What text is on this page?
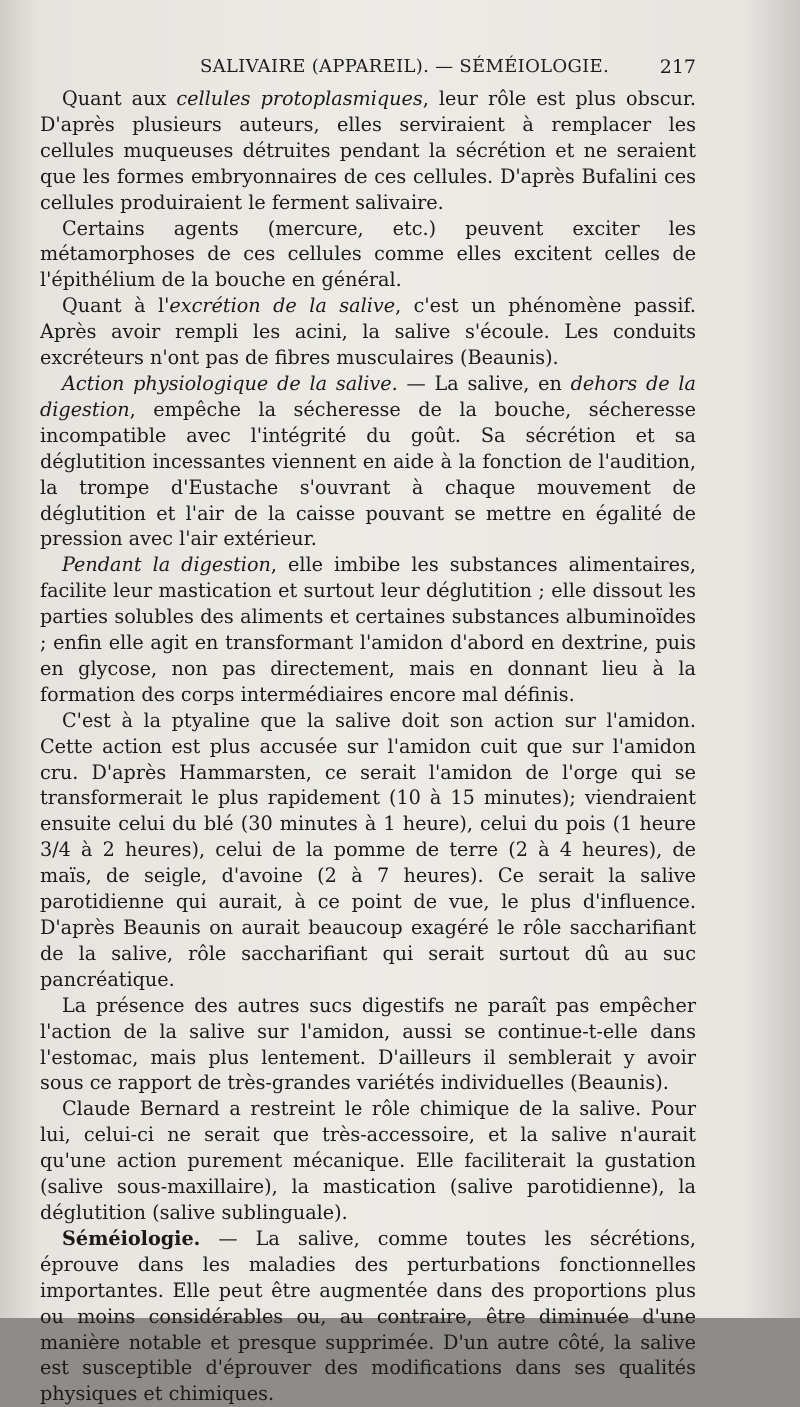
SALIVAIRE (APPAREIL). — SÉMÉIOLOGIE.	217

Quant aux cellules protoplasmiques, leur rôle est plus obscur. D'après plusieurs auteurs, elles serviraient à remplacer les cellules muqueuses détruites pendant la sécrétion et ne seraient que les formes embryonnaires de ces cellules. D'après Bufalini ces cellules produiraient le ferment salivaire.

Certains agents (mercure, etc.) peuvent exciter les métamorphoses de ces cellules comme elles excitent celles de l'épithélium de la bouche en général.

Quant à l'excrétion de la salive, c'est un phénomène passif. Après avoir rempli les acini, la salive s'écoule. Les conduits excréteurs n'ont pas de fibres musculaires (Beaunis).

Action physiologique de la salive. — La salive, en dehors de la digestion, empêche la sécheresse de la bouche, sécheresse incompatible avec l'intégrité du goût. Sa sécrétion et sa déglutition incessantes viennent en aide à la fonction de l'audition, la trompe d'Eustache s'ouvrant à chaque mouvement de déglutition et l'air de la caisse pouvant se mettre en égalité de pression avec l'air extérieur.

Pendant la digestion, elle imbibe les substances alimentaires, facilite leur mastication et surtout leur déglutition ; elle dissout les parties solubles des aliments et certaines substances albuminoïdes ; enfin elle agit en transformant l'amidon d'abord en dextrine, puis en glycose, non pas directement, mais en donnant lieu à la formation des corps intermédiaires encore mal définis.

C'est à la ptyaline que la salive doit son action sur l'amidon. Cette action est plus accusée sur l'amidon cuit que sur l'amidon cru. D'après Hammarsten, ce serait l'amidon de l'orge qui se transformerait le plus rapidement (10 à 15 minutes); viendraient ensuite celui du blé (30 minutes à 1 heure), celui du pois (1 heure 3/4 à 2 heures), celui de la pomme de terre (2 à 4 heures), de maïs, de seigle, d'avoine (2 à 7 heures). Ce serait la salive parotidienne qui aurait, à ce point de vue, le plus d'influence. D'après Beaunis on aurait beaucoup exagéré le rôle saccharifiant de la salive, rôle saccharifiant qui serait surtout dû au suc pancréatique.

La présence des autres sucs digestifs ne paraît pas empêcher l'action de la salive sur l'amidon, aussi se continue-t-elle dans l'estomac, mais plus lentement. D'ailleurs il semblerait y avoir sous ce rapport de très-grandes variétés individuelles (Beaunis).

Claude Bernard a restreint le rôle chimique de la salive. Pour lui, celui-ci ne serait que très-accessoire, et la salive n'aurait qu'une action purement mécanique. Elle faciliterait la gustation (salive sous-maxillaire), la mastication (salive parotidienne), la déglutition (salive sublinguale).

Séméiologie. — La salive, comme toutes les sécrétions, éprouve dans les maladies des perturbations fonctionnelles importantes. Elle peut être augmentée dans des proportions plus ou moins considérables ou, au contraire, être diminuée d'une manière notable et presque supprimée. D'un autre côté, la salive est susceptible d'éprouver des modifications dans ses qualités physiques et chimiques.
